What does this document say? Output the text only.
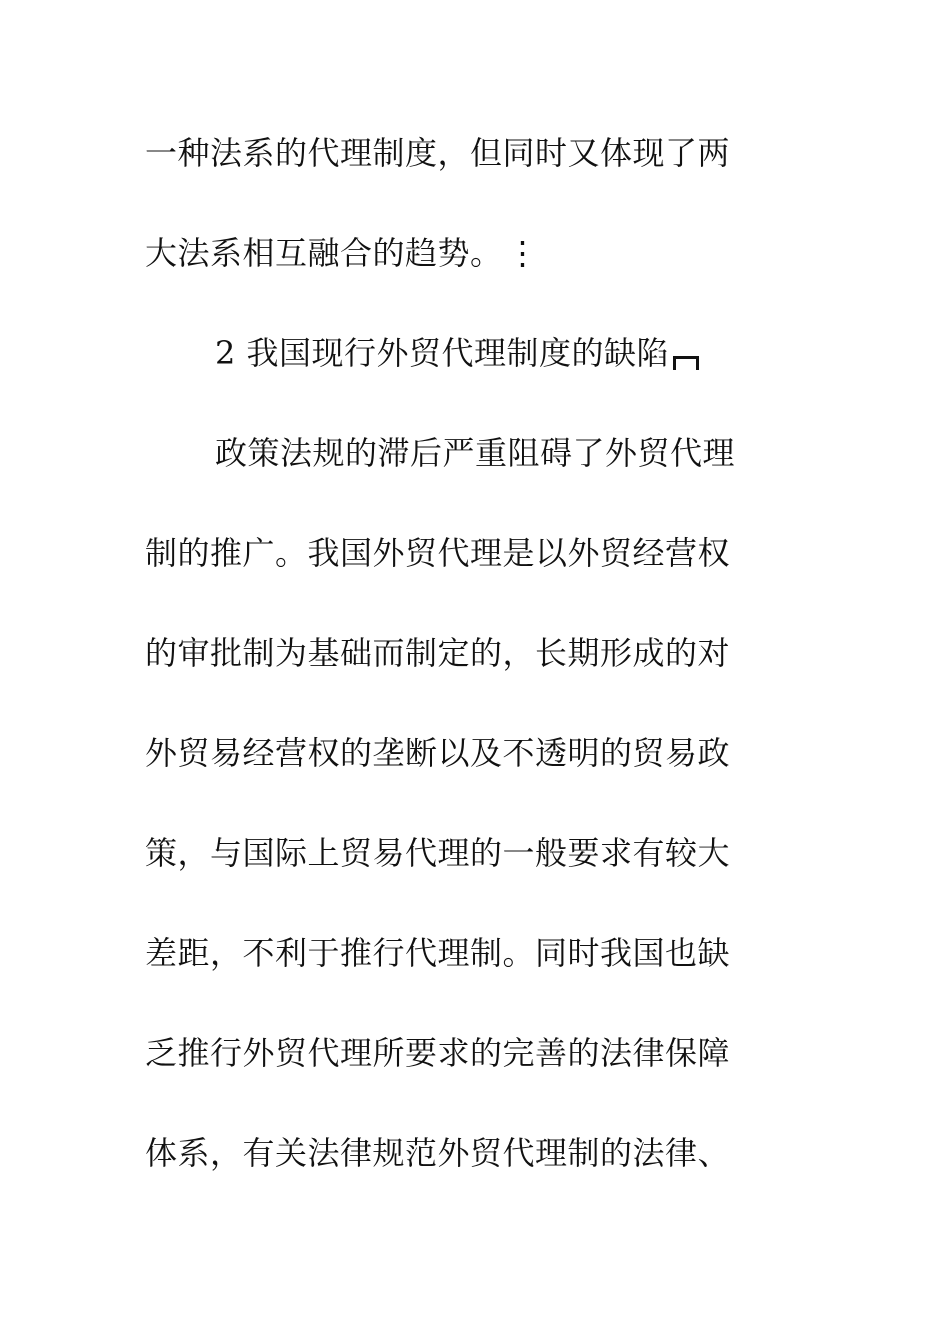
一种法系的代理制度，但同时又体现了两
大法系相互融合的趋势。 ⋮
2 我国现行外贸代理制度的缺陷
政策法规的滞后严重阻碍了外贸代理
制的推广。我国外贸代理是以外贸经营权
的审批制为基础而制定的，长期形成的对
外贸易经营权的垄断以及不透明的贸易政
策，与国际上贸易代理的一般要求有较大
差距，不利于推行代理制。同时我国也缺
乏推行外贸代理所要求的完善的法律保障
体系，有关法律规范外贸代理制的法律、
